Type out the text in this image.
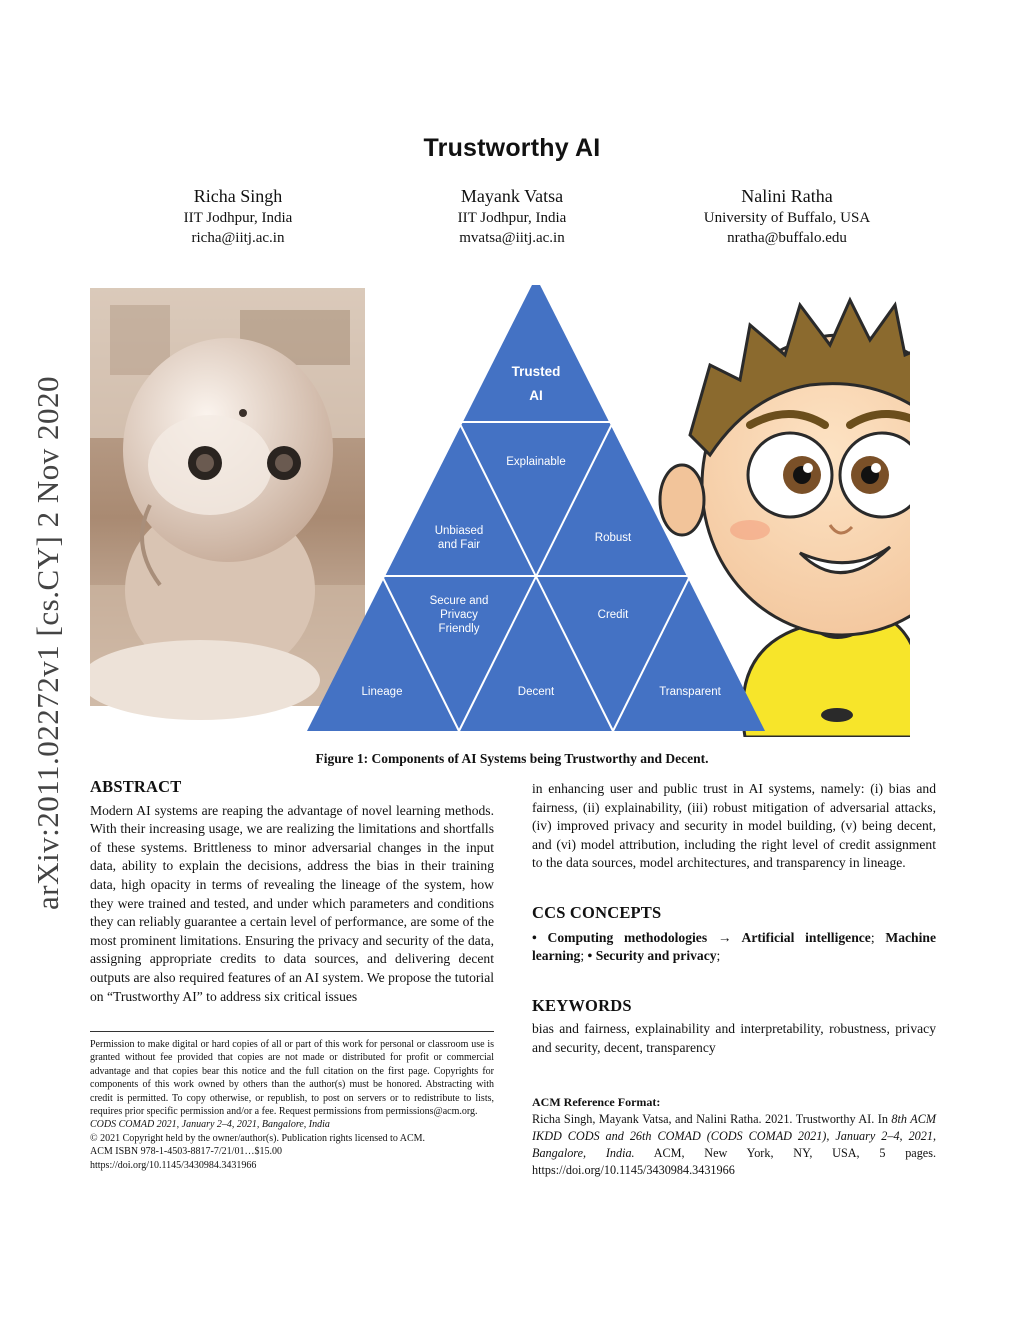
Trustworthy AI
Richa Singh
IIT Jodhpur, India
richa@iitj.ac.in
Mayank Vatsa
IIT Jodhpur, India
mvatsa@iitj.ac.in
Nalini Ratha
University of Buffalo, USA
nratha@buffalo.edu
arXiv:2011.02272v1 [cs.CY] 2 Nov 2020
Trusted
AI
Explainable
Unbiased
and Fair
Robust
Secure and
Privacy
Friendly
Credit
Lineage	Decent	Transparent
Figure 1: Components of AI Systems being Trustworthy and Decent.
ABSTRACT

Modern AI systems are reaping the advantage of novel learning methods. With their increasing usage, we are realizing the limitations and shortfalls of these systems. Brittleness to minor adversarial changes in the input data, ability to explain the decisions, address the bias in their training data, high opacity in terms of revealing the lineage of the system, how they were trained and tested, and under which parameters and conditions they can reliably guarantee a certain level of performance, are some of the most prominent limitations. Ensuring the privacy and security of the data, assigning appropriate credits to data sources, and delivering decent outputs are also required features of an AI system. We propose the tutorial on “Trustworthy AI” to address six critical issues

Permission to make digital or hard copies of all or part of this work for personal or classroom use is granted without fee provided that copies are not made or distributed for profit or commercial advantage and that copies bear this notice and the full citation on the first page. Copyrights for components of this work owned by others than the author(s) must be honored. Abstracting with credit is permitted. To copy otherwise, or republish, to post on servers or to redistribute to lists, requires prior specific permission and/or a fee. Request permissions from permissions@acm.org.

CODS COMAD 2021, January 2–4, 2021, Bangalore, India

© 2021 Copyright held by the owner/author(s). Publication rights licensed to ACM.

ACM ISBN 978-1-4503-8817-7/21/01…$15.00

https://doi.org/10.1145/3430984.3431966

in enhancing user and public trust in AI systems, namely: (i) bias and fairness, (ii) explainability, (iii) robust mitigation of adversarial attacks, (iv) improved privacy and security in model building, (v) being decent, and (vi) model attribution, including the right level of credit assignment to the data sources, model architectures, and transparency in lineage.

CCS CONCEPTS

• Computing methodologies → Artificial intelligence; Machine learning; • Security and privacy;

KEYWORDS

bias and fairness, explainability and interpretability, robustness, privacy and security, decent, transparency

ACM Reference Format:

Richa Singh, Mayank Vatsa, and Nalini Ratha. 2021. Trustworthy AI. In 8th ACM IKDD CODS and 26th COMAD (CODS COMAD 2021), January 2–4, 2021, Bangalore, India. ACM, New York, NY, USA, 5 pages. https://doi.org/10.1145/3430984.3431966
